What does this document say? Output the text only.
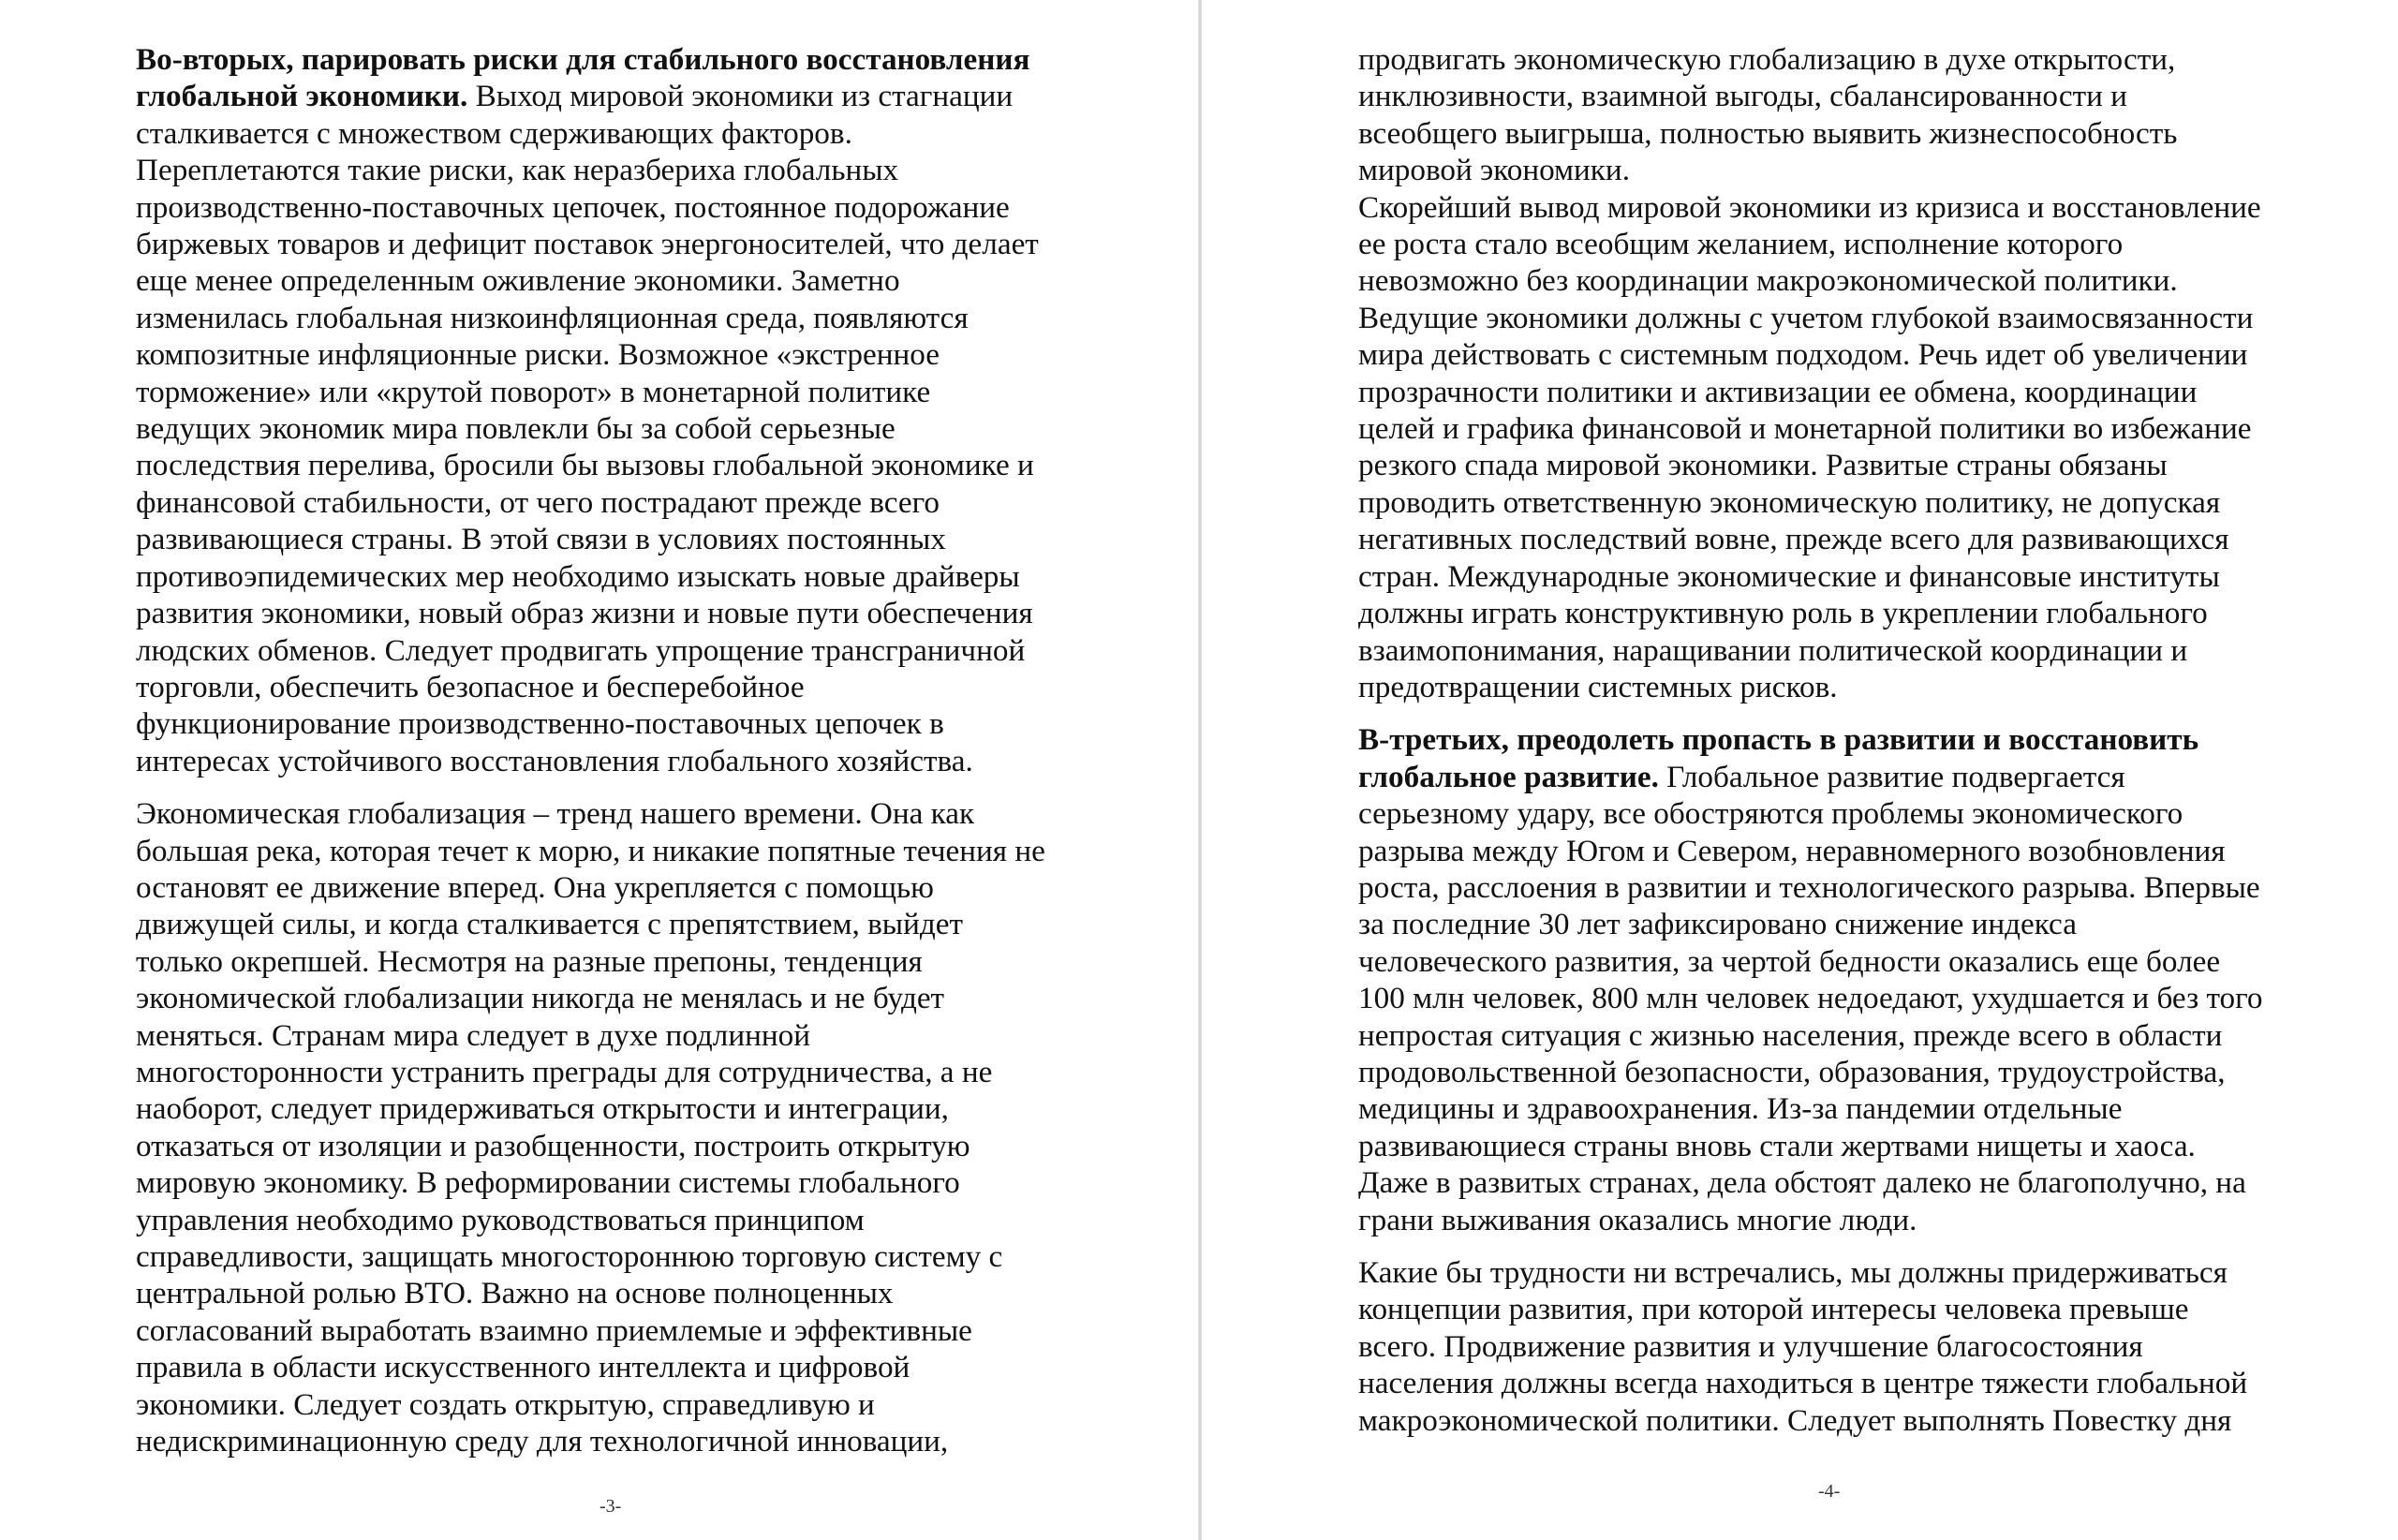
Во-вторых, парировать риски для стабильного восстановления
глобальной экономики. Выход мировой экономики из стагнации
сталкивается с множеством сдерживающих факторов.
Переплетаются такие риски, как неразбериха глобальных
производственно-поставочных цепочек, постоянное подорожание
биржевых товаров и дефицит поставок энергоносителей, что делает
еще менее определенным оживление экономики. Заметно
изменилась глобальная низкоинфляционная среда, появляются
композитные инфляционные риски. Возможное «экстренное
торможение» или «крутой поворот» в монетарной политике
ведущих экономик мира повлекли бы за собой серьезные
последствия перелива, бросили бы вызовы глобальной экономике и
финансовой стабильности, от чего пострадают прежде всего
развивающиеся страны. В этой связи в условиях постоянных
противоэпидемических мер необходимо изыскать новые драйверы
развития экономики, новый образ жизни и новые пути обеспечения
людских обменов. Следует продвигать упрощение трансграничной
торговли, обеспечить безопасное и бесперебойное
функционирование производственно-поставочных цепочек в
интересах устойчивого восстановления глобального хозяйства.
Экономическая глобализация – тренд нашего времени. Она как
большая река, которая течет к морю, и никакие попятные течения не
остановят ее движение вперед. Она укрепляется с помощью
движущей силы, и когда сталкивается с препятствием, выйдет
только окрепшей. Несмотря на разные препоны, тенденция
экономической глобализации никогда не менялась и не будет
меняться. Странам мира следует в духе подлинной
многосторонности устранить преграды для сотрудничества, а не
наоборот, следует придерживаться открытости и интеграции,
отказаться от изоляции и разобщенности, построить открытую
мировую экономику. В реформировании системы глобального
управления необходимо руководствоваться принципом
справедливости, защищать многостороннюю торговую систему с
центральной ролью ВТО. Важно на основе полноценных
согласований выработать взаимно приемлемые и эффективные
правила в области искусственного интеллекта и цифровой
экономики. Следует создать открытую, справедливую и
недискриминационную среду для технологичной инновации,
-3-
продвигать экономическую глобализацию в духе открытости,
инклюзивности, взаимной выгоды, сбалансированности и
всеобщего выигрыша, полностью выявить жизнеспособность
мировой экономики.
Скорейший вывод мировой экономики из кризиса и восстановление
ее роста стало всеобщим желанием, исполнение которого
невозможно без координации макроэкономической политики.
Ведущие экономики должны с учетом глубокой взаимосвязанности
мира действовать с системным подходом. Речь идет об увеличении
прозрачности политики и активизации ее обмена, координации
целей и графика финансовой и монетарной политики во избежание
резкого спада мировой экономики. Развитые страны обязаны
проводить ответственную экономическую политику, не допуская
негативных последствий вовне, прежде всего для развивающихся
стран. Международные экономические и финансовые институты
должны играть конструктивную роль в укреплении глобального
взаимопонимания, наращивании политической координации и
предотвращении системных рисков.
В-третьих, преодолеть пропасть в развитии и восстановить
глобальное развитие. Глобальное развитие подвергается
серьезному удару, все обостряются проблемы экономического
разрыва между Югом и Севером, неравномерного возобновления
роста, расслоения в развитии и технологического разрыва. Впервые
за последние 30 лет зафиксировано снижение индекса
человеческого развития, за чертой бедности оказались еще более
100 млн человек, 800 млн человек недоедают, ухудшается и без того
непростая ситуация с жизнью населения, прежде всего в области
продовольственной безопасности, образования, трудоустройства,
медицины и здравоохранения. Из-за пандемии отдельные
развивающиеся страны вновь стали жертвами нищеты и хаоса.
Даже в развитых странах, дела обстоят далеко не благополучно, на
грани выживания оказались многие люди.
Какие бы трудности ни встречались, мы должны придерживаться
концепции развития, при которой интересы человека превыше
всего. Продвижение развития и улучшение благосостояния
населения должны всегда находиться в центре тяжести глобальной
макроэкономической политики. Следует выполнять Повестку дня
-4-
